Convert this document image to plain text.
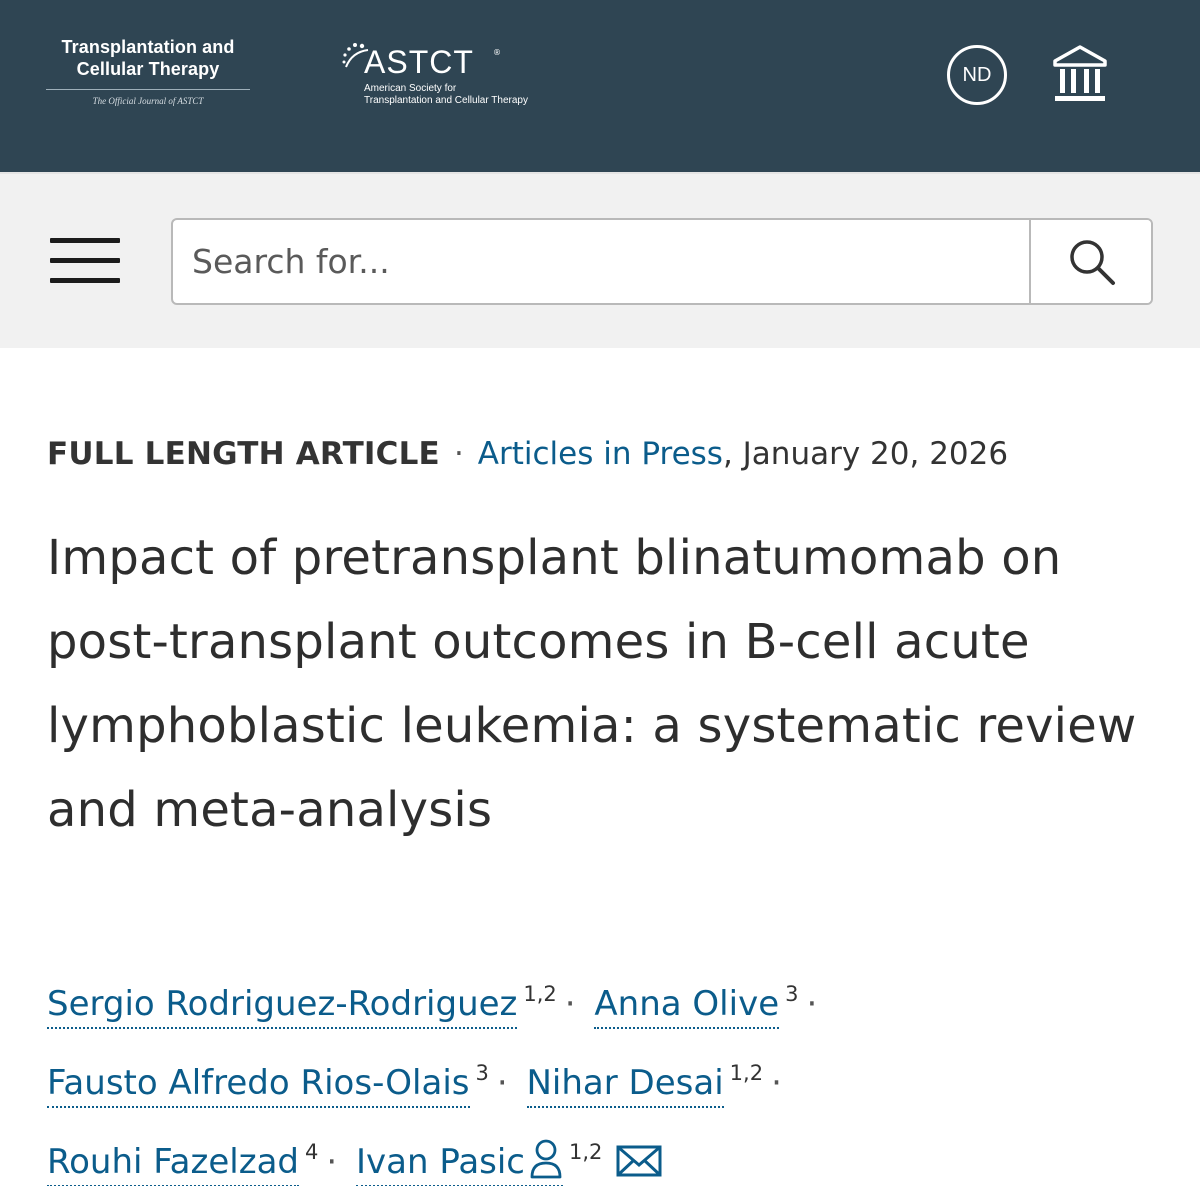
Transplantation and
Cellular Therapy
The Official Journal of ASTCT
ASTCT ®
American Society for
Transplantation and Cellular Therapy
ND
Search for...
FULL LENGTH ARTICLE · Articles in Press, January 20, 2026
Impact of pretransplant blinatumomab on post-transplant outcomes in B-cell acute lymphoblastic leukemia: a systematic review and meta-analysis
Sergio Rodriguez-Rodriguez $^{1,2}$ · Anna Olive $^3$ ·
Fausto Alfredo Rios-Olais $^3$ · Nihar Desai $^{1,2}$ ·
Rouhi Fazelzad $^4$ · Ivan Pasic $^{1,2}$
